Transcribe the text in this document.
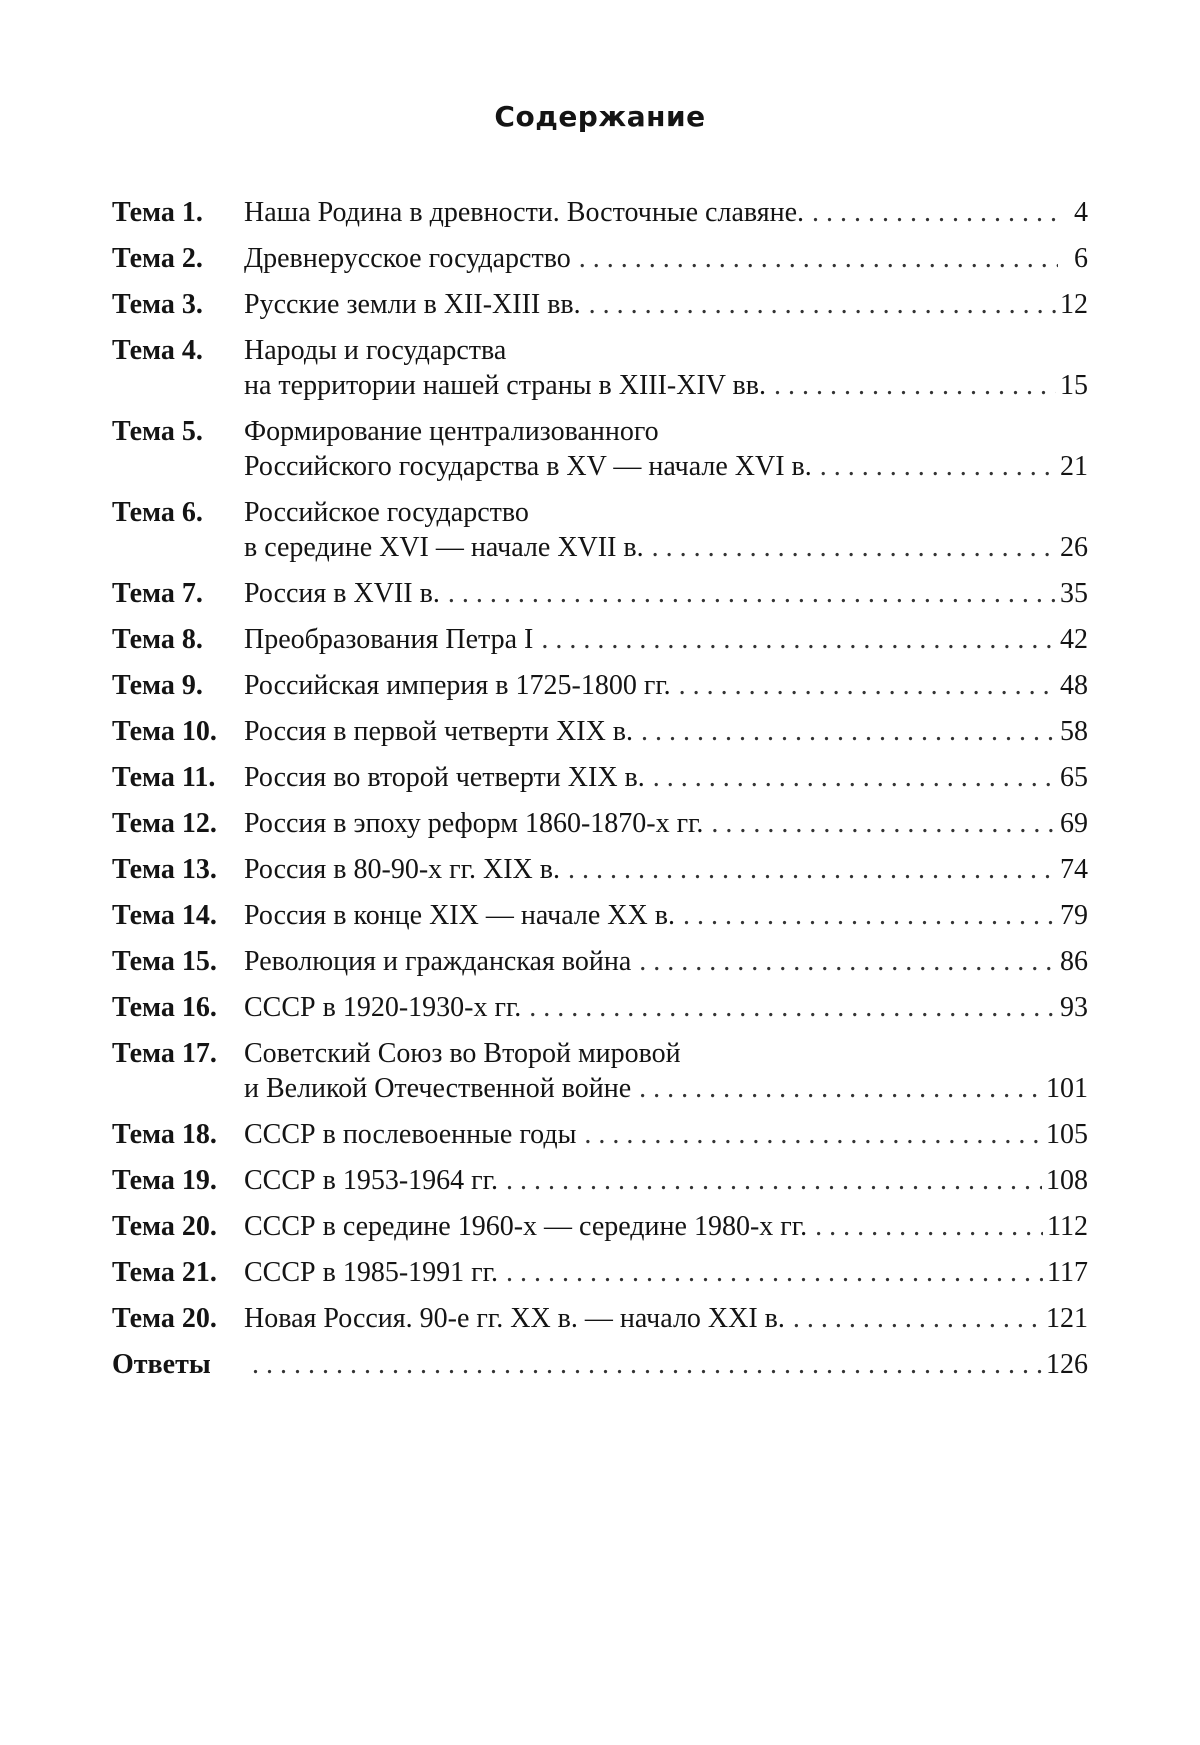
Содержание
Тема 1.	Наша Родина в древности. Восточные славяне. . . .	4
Тема 2.	Древнерусское государство . . .	6
Тема 3.	Русские земли в XII-XIII вв. . . .	12
Тема 4.	Народы и государства
на территории нашей страны в XIII-XIV вв. . . .	15
Тема 5.	Формирование централизованного
Российского государства в XV — начале XVI в. . . .	21
Тема 6.	Российское государство
в середине XVI — начале XVII в. . . .	26
Тема 7.	Россия в XVII в. . . .	35
Тема 8.	Преобразования Петра I . . .	42
Тема 9.	Российская империя в 1725-1800 гг. . . .	48
Тема 10. Россия в первой четверти XIX в. . . .	58
Тема 11.	Россия во второй четверти XIX в. . . .	65
Тема 12. Россия в эпоху реформ 1860-1870-х гг. . . .	69
Тема 13. Россия в 80-90-х гг. XIX в. . . .	74
Тема 14. Россия в конце XIX — начале XX в. . . .	79
Тема 15. Революция и гражданская война . . .	86
Тема 16. СССР в 1920-1930-х гг. . . .	93
Тема 17. Советский Союз во Второй мировой
и Великой Отечественной войне . . .	101
Тема 18. СССР в послевоенные годы . . .	105
Тема 19. СССР в 1953-1964 гг. . . .	108
Тема 20. СССР в середине 1960-х — середине 1980-х гг. . . .	112
Тема 21. СССР в 1985-1991 гг. . . .	117
Тема 20. Новая Россия. 90-е гг. XX в. — начало XXI в. . . .	121
Ответы . . .	126
